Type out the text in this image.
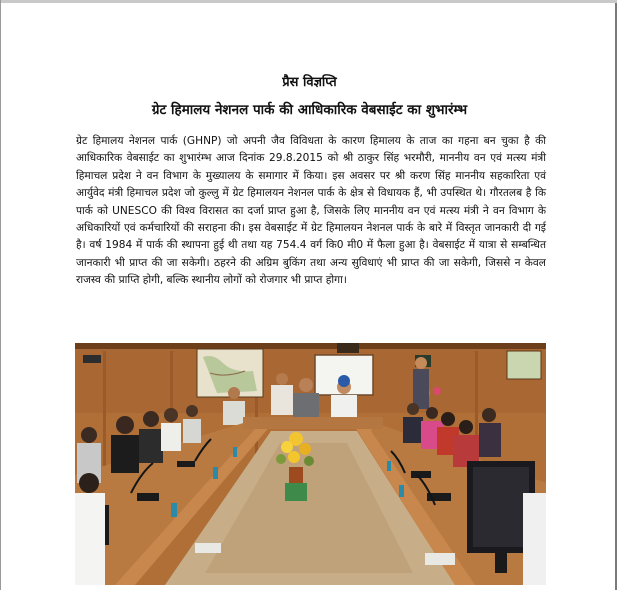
प्रैस विज्ञप्ति
ग्रेट हिमालय नेशनल पार्क की आधिकारिक वेबसाईट का शुभारंम्भ

ग्रेट हिमालय नेशनल पार्क (GHNP) जो अपनी जैव विविधता के कारण हिमालय के ताज का गहना बन चुका है की आधिकारिक वेबसाईट का शुभारंम्भ आज दिनांक 29.8.2015 को श्री ठाकुर सिंह भरमौरी, माननीय वन एवं मत्स्य मंत्री हिमाचल प्रदेश ने वन विभाग के मुख्यालय के समागार में किया। इस अवसर पर श्री करण सिंह माननीय सहकारिता एवं आर्युवेद मंत्री हिमाचल प्रदेश जो कुल्लु में ग्रेट हिमालयन नेशनल पार्क के क्षेत्र से विधायक हैं, भी उपस्थित थे। गौरतलब है कि पार्क को UNESCO की विश्व विरासत का दर्जा प्राप्त हुआ है, जिसके लिए माननीय वन एवं मत्स्य मंत्री ने वन विभाग के अधिकारियों एवं कर्मचारियों की सराहना की। इस वेबसाईट में ग्रेट हिमालयन नेशनल पार्क के बारे में विस्तृत जानकारी दी गई है। वर्ष 1984 में पार्क की स्थापना हुई थी तथा यह 754.4 वर्ग कि0 मी0 में फैला हुआ है। वेबसाईट में यात्रा से सम्बन्धित जानकारी भी प्राप्त की जा सकेगी। ठहरने की अग्रिम बुकिंग तथा अन्य सुविधाएं भी प्राप्त की जा सकेगी, जिससे न केवल राजस्व की प्राप्ति होगी, बल्कि स्थानीय लोगों को रोजगार भी प्राप्त होगा।
